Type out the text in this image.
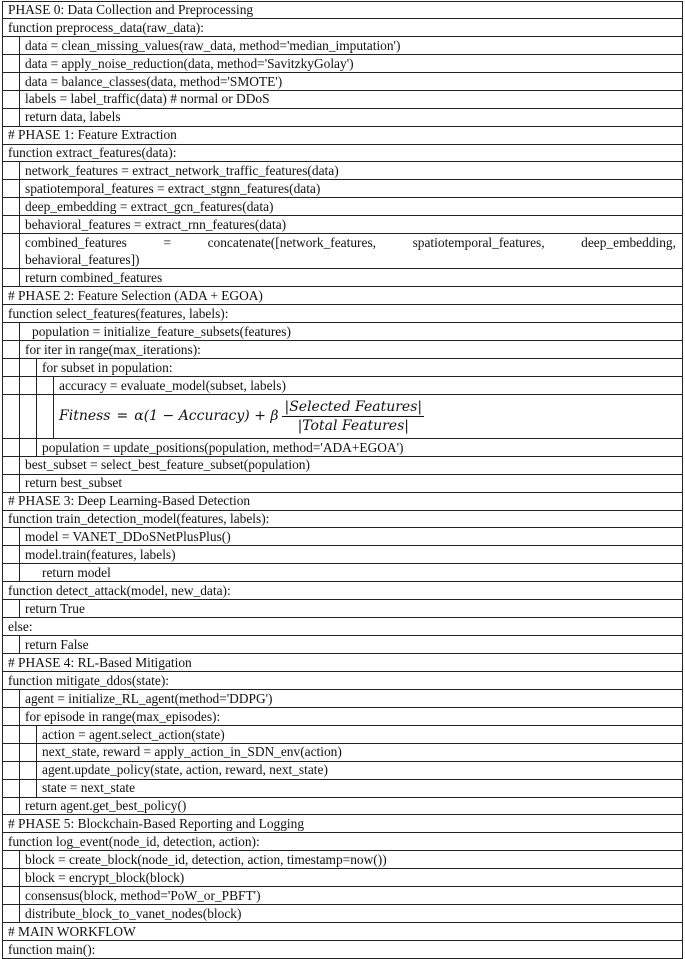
PHASE 0: Data Collection and Preprocessing
function preprocess_data(raw_data):
data = clean_missing_values(raw_data, method='median_imputation')
data = apply_noise_reduction(data, method='SavitzkyGolay')
data = balance_classes(data, method='SMOTE')
labels = label_traffic(data) # normal or DDoS
return data, labels
# PHASE 1: Feature Extraction
function extract_features(data):
network_features = extract_network_traffic_features(data)
spatiotemporal_features = extract_stgnn_features(data)
deep_embedding = extract_gcn_features(data)
behavioral_features = extract_rnn_features(data)
combined_features	=	concatenate([network_features,	spatiotemporal_features,	deep_embedding,
behavioral_features])
return combined_features
# PHASE 2: Feature Selection (ADA + EGOA)
function select_features(features, labels):
population = initialize_feature_subsets(features)
for iter in range(max_iterations):
for subset in population:
accuracy = evaluate_model(subset, labels)
Fitness = α(1 − Accuracy) + β $\frac{\text{|Selected Features|}}{\text{|Total Features|}}$
population = update_positions(population, method='ADA+EGOA')
best_subset = select_best_feature_subset(population)
return best_subset
# PHASE 3: Deep Learning-Based Detection
function train_detection_model(features, labels):
model = VANET_DDoSNetPlusPlus()
model.train(features, labels)
return model
function detect_attack(model, new_data):
return True
else:
return False
# PHASE 4: RL-Based Mitigation
function mitigate_ddos(state):
agent = initialize_RL_agent(method='DDPG')
for episode in range(max_episodes):
action = agent.select_action(state)
next_state, reward = apply_action_in_SDN_env(action)
agent.update_policy(state, action, reward, next_state)
state = next_state
return agent.get_best_policy()
# PHASE 5: Blockchain-Based Reporting and Logging
function log_event(node_id, detection, action):
block = create_block(node_id, detection, action, timestamp=now())
block = encrypt_block(block)
consensus(block, method='PoW_or_PBFT')
distribute_block_to_vanet_nodes(block)
# MAIN WORKFLOW
function main():
